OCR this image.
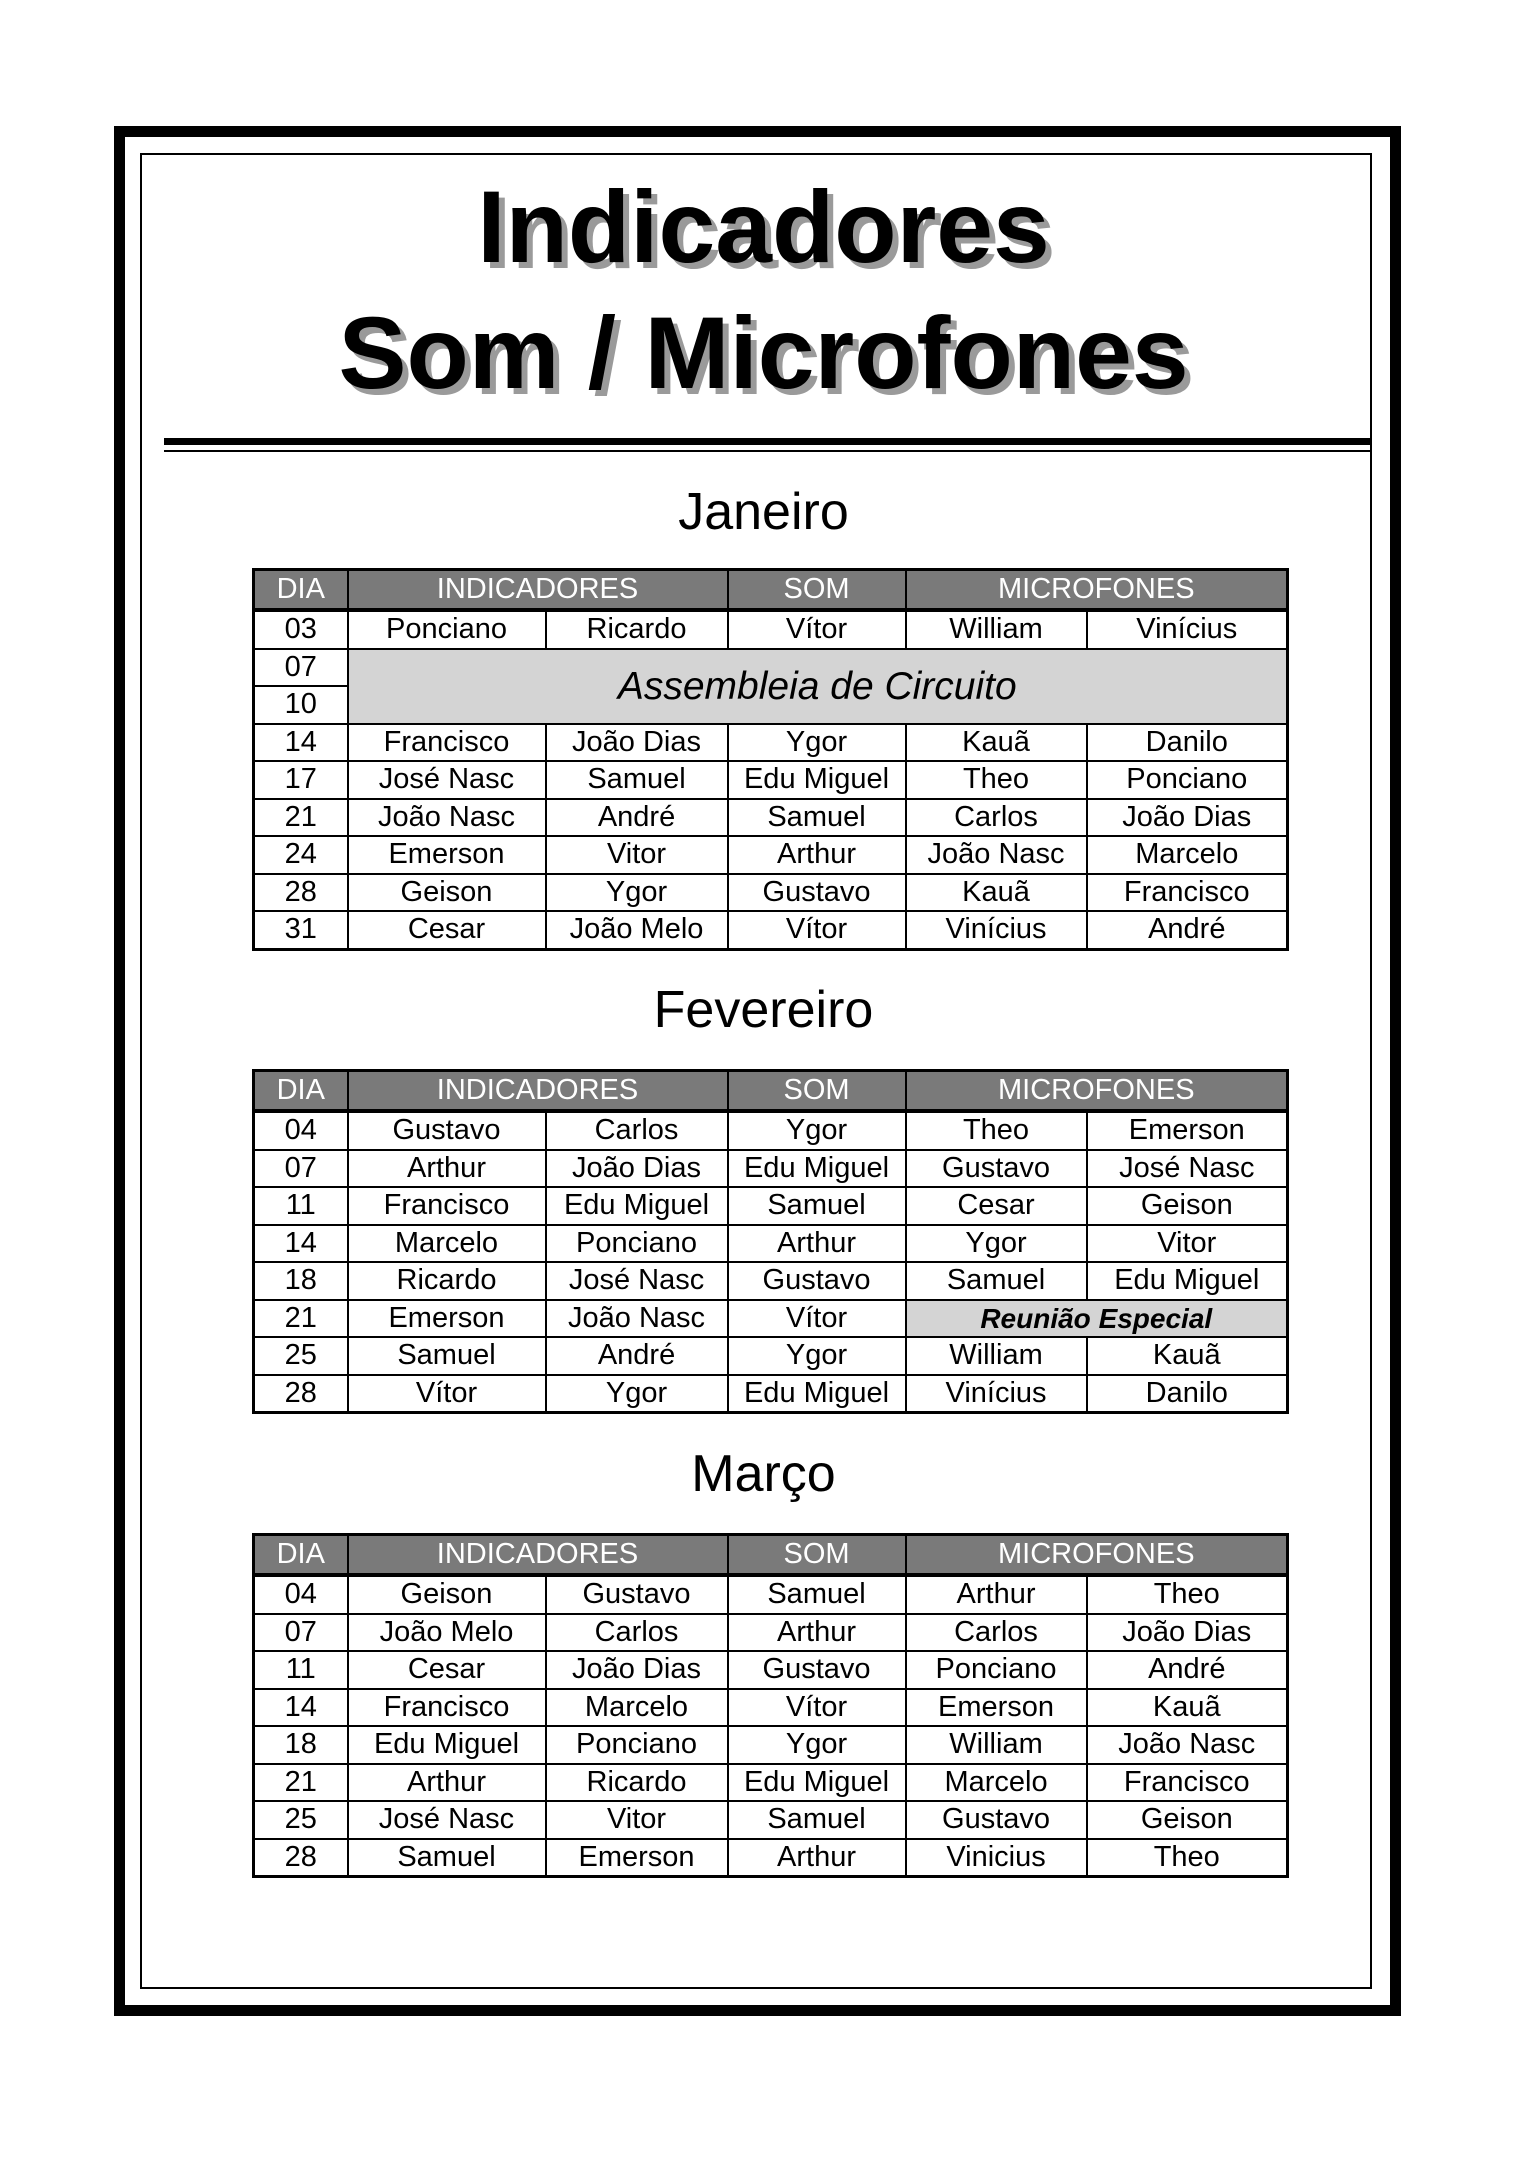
Indicadores
Som / Microfones
Janeiro
DIA	INDICADORES		SOM	MICROFONES	
03	Ponciano	Ricardo	Vítor	William	Vinícius
07	Assembleia de Circuito				
10					
14	Francisco	João Dias	Ygor	Kauã	Danilo
17	José Nasc	Samuel	Edu Miguel	Theo	Ponciano
21	João Nasc	André	Samuel	Carlos	João Dias
24	Emerson	Vitor	Arthur	João Nasc	Marcelo
28	Geison	Ygor	Gustavo	Kauã	Francisco
31	Cesar	João Melo	Vítor	Vinícius	André
Fevereiro
DIA	INDICADORES		SOM	MICROFONES	
04	Gustavo	Carlos	Ygor	Theo	Emerson
07	Arthur	João Dias	Edu Miguel	Gustavo	José Nasc
11	Francisco	Edu Miguel	Samuel	Cesar	Geison
14	Marcelo	Ponciano	Arthur	Ygor	Vitor
18	Ricardo	José Nasc	Gustavo	Samuel	Edu Miguel
21	Emerson	João Nasc	Vítor	Reunião Especial	
25	Samuel	André	Ygor	William	Kauã
28	Vítor	Ygor	Edu Miguel	Vinícius	Danilo
Março
DIA	INDICADORES		SOM	MICROFONES	
04	Geison	Gustavo	Samuel	Arthur	Theo
07	João Melo	Carlos	Arthur	Carlos	João Dias
11	Cesar	João Dias	Gustavo	Ponciano	André
14	Francisco	Marcelo	Vítor	Emerson	Kauã
18	Edu Miguel	Ponciano	Ygor	William	João Nasc
21	Arthur	Ricardo	Edu Miguel	Marcelo	Francisco
25	José Nasc	Vitor	Samuel	Gustavo	Geison
28	Samuel	Emerson	Arthur	Vinicius	Theo
